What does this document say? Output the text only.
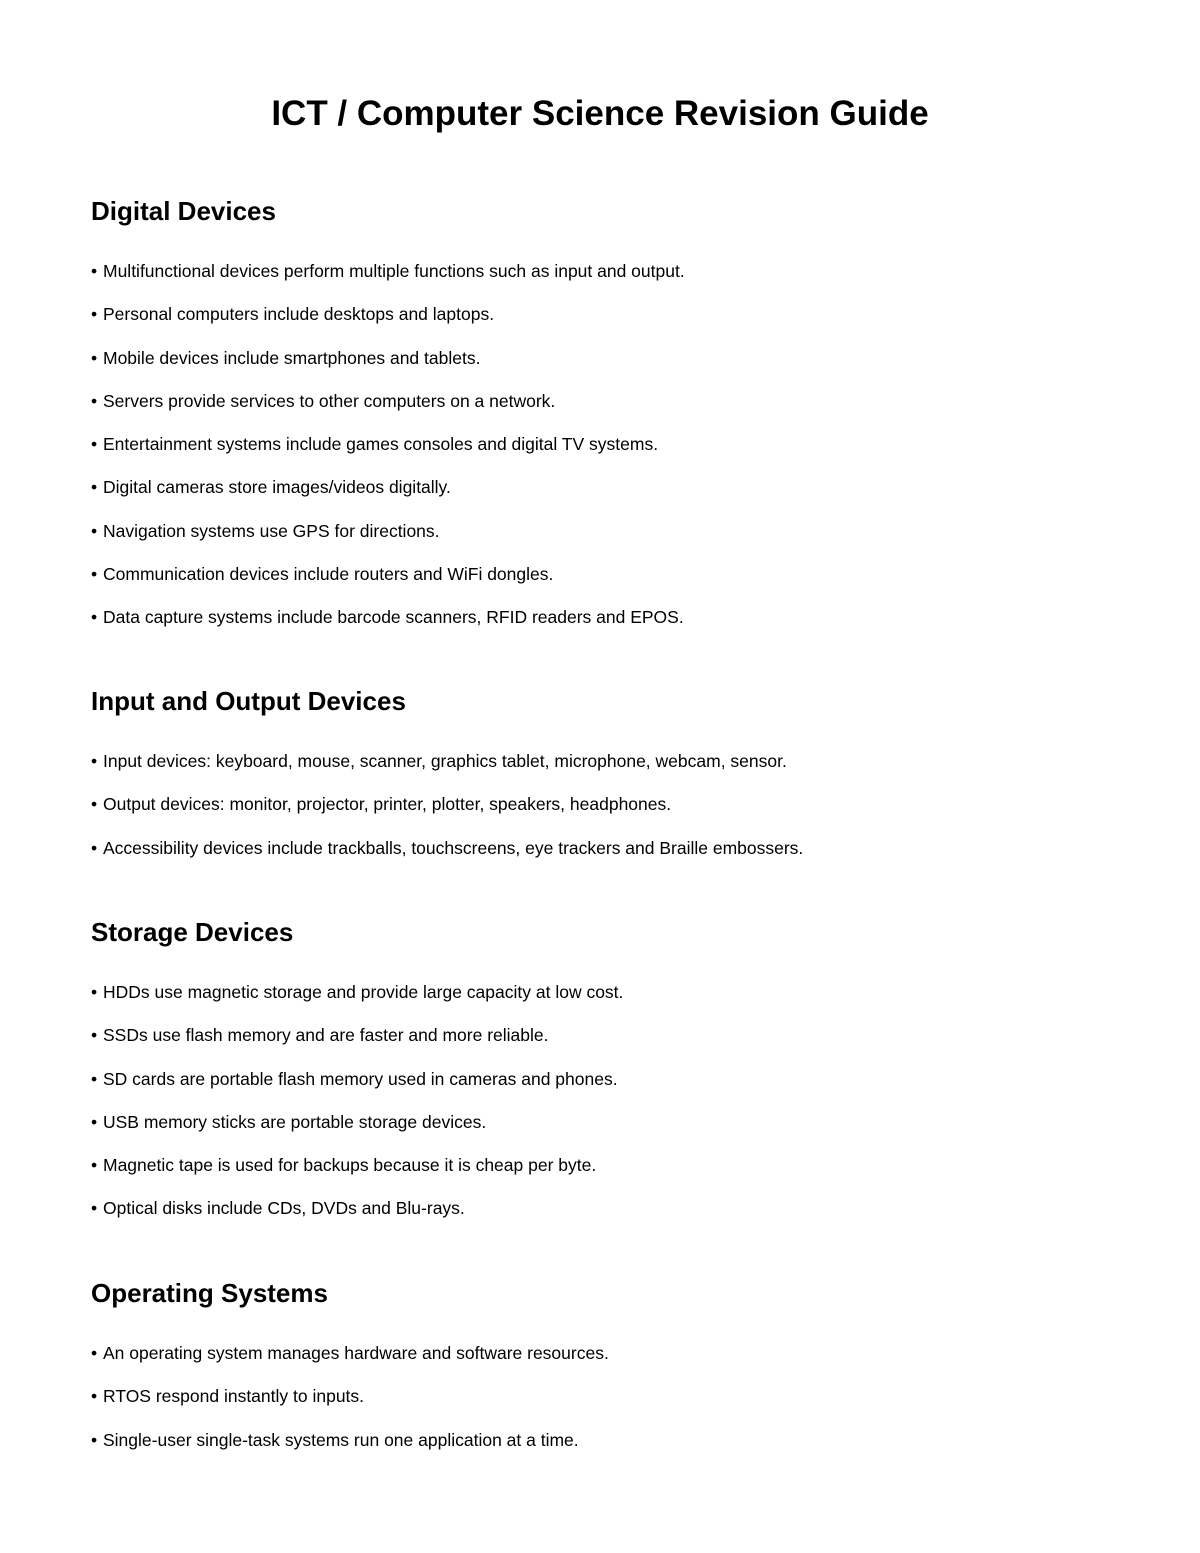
ICT / Computer Science Revision Guide
Digital Devices
• Multifunctional devices perform multiple functions such as input and output.
• Personal computers include desktops and laptops.
• Mobile devices include smartphones and tablets.
• Servers provide services to other computers on a network.
• Entertainment systems include games consoles and digital TV systems.
• Digital cameras store images/videos digitally.
• Navigation systems use GPS for directions.
• Communication devices include routers and WiFi dongles.
• Data capture systems include barcode scanners, RFID readers and EPOS.
Input and Output Devices
• Input devices: keyboard, mouse, scanner, graphics tablet, microphone, webcam, sensor.
• Output devices: monitor, projector, printer, plotter, speakers, headphones.
• Accessibility devices include trackballs, touchscreens, eye trackers and Braille embossers.
Storage Devices
• HDDs use magnetic storage and provide large capacity at low cost.
• SSDs use flash memory and are faster and more reliable.
• SD cards are portable flash memory used in cameras and phones.
• USB memory sticks are portable storage devices.
• Magnetic tape is used for backups because it is cheap per byte.
• Optical disks include CDs, DVDs and Blu-rays.
Operating Systems
• An operating system manages hardware and software resources.
• RTOS respond instantly to inputs.
• Single-user single-task systems run one application at a time.
